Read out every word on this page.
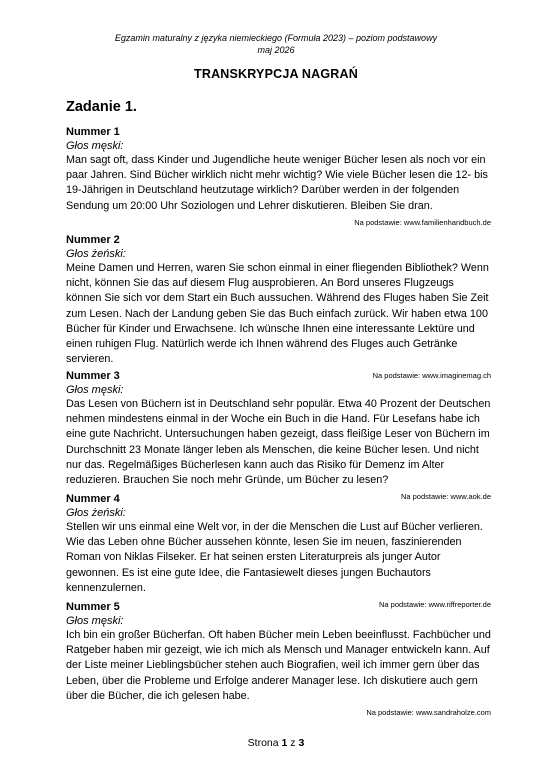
Egzamin maturalny z języka niemieckiego (Formuła 2023) – poziom podstawowy
maj 2026
TRANSKRYPCJA NAGRAŃ
Zadanie 1.
Nummer 1
Głos męski:
Man sagt oft, dass Kinder und Jugendliche heute weniger Bücher lesen als noch vor ein paar Jahren. Sind Bücher wirklich nicht mehr wichtig? Wie viele Bücher lesen die 12- bis 19-Jährigen in Deutschland heutzutage wirklich? Darüber werden in der folgenden Sendung um 20:00 Uhr Soziologen und Lehrer diskutieren. Bleiben Sie dran.
Na podstawie: www.familienhandbuch.de
Nummer 2
Głos żeński:
Meine Damen und Herren, waren Sie schon einmal in einer fliegenden Bibliothek? Wenn nicht, können Sie das auf diesem Flug ausprobieren. An Bord unseres Flugzeugs können Sie sich vor dem Start ein Buch aussuchen. Während des Fluges haben Sie Zeit zum Lesen. Nach der Landung geben Sie das Buch einfach zurück. Wir haben etwa 100 Bücher für Kinder und Erwachsene. Ich wünsche Ihnen eine interessante Lektüre und einen ruhigen Flug. Natürlich werde ich Ihnen während des Fluges auch Getränke servieren.
Na podstawie: www.imaginemag.ch
Nummer 3
Głos męski:
Das Lesen von Büchern ist in Deutschland sehr populär. Etwa 40 Prozent der Deutschen nehmen mindestens einmal in der Woche ein Buch in die Hand. Für Lesefans habe ich eine gute Nachricht. Untersuchungen haben gezeigt, dass fleißige Leser von Büchern im Durchschnitt 23 Monate länger leben als Menschen, die keine Bücher lesen. Und nicht nur das. Regelmäßiges Bücherlesen kann auch das Risiko für Demenz im Alter reduzieren. Brauchen Sie noch mehr Gründe, um Bücher zu lesen?
Na podstawie: www.aok.de
Nummer 4
Głos żeński:
Stellen wir uns einmal eine Welt vor, in der die Menschen die Lust auf Bücher verlieren. Wie das Leben ohne Bücher aussehen könnte, lesen Sie im neuen, faszinierenden Roman von Niklas Filseker. Er hat seinen ersten Literaturpreis als junger Autor gewonnen. Es ist eine gute Idee, die Fantasiewelt dieses jungen Buchautors kennenzulernen.
Na podstawie: www.riffreporter.de
Nummer 5
Głos męski:
Ich bin ein großer Bücherfan. Oft haben Bücher mein Leben beeinflusst. Fachbücher und Ratgeber haben mir gezeigt, wie ich mich als Mensch und Manager entwickeln kann. Auf der Liste meiner Lieblingsbücher stehen auch Biografien, weil ich immer gern über das Leben, über die Probleme und Erfolge anderer Manager lese. Ich diskutiere auch gern über die Bücher, die ich gelesen habe.
Na podstawie: www.sandraholze.com
Strona 1 z 3
